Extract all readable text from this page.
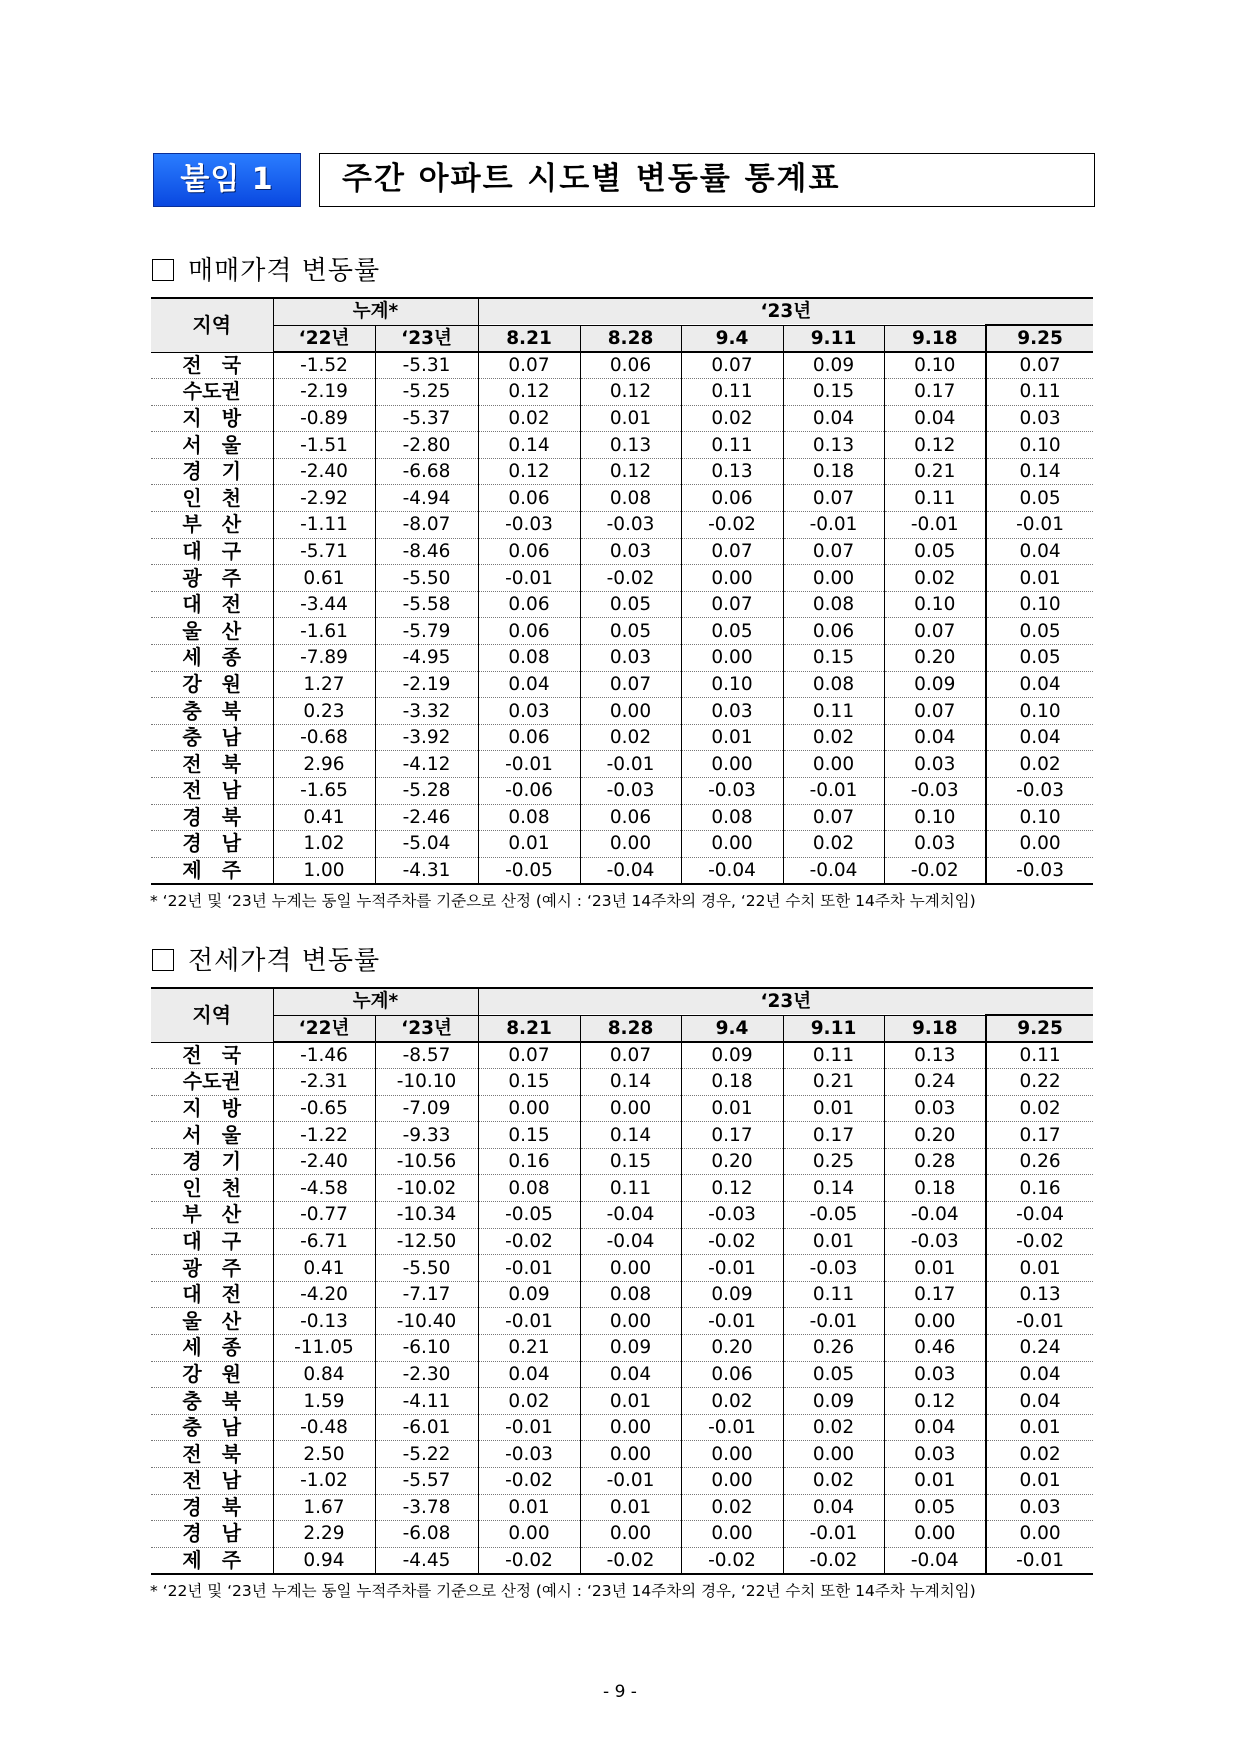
붙임 1	주간 아파트 시도별 변동률 통계표
매매가격 변동률
지역	누계*		‘23년					
	‘22년	‘23년	8.21	8.28	9.4	9.11	9.18	9.25
전　국	-1.52	-5.31	0.07	0.06	0.07	0.09	0.10	0.07
수도권	-2.19	-5.25	0.12	0.12	0.11	0.15	0.17	0.11
지　방	-0.89	-5.37	0.02	0.01	0.02	0.04	0.04	0.03
서　울	-1.51	-2.80	0.14	0.13	0.11	0.13	0.12	0.10
경　기	-2.40	-6.68	0.12	0.12	0.13	0.18	0.21	0.14
인　천	-2.92	-4.94	0.06	0.08	0.06	0.07	0.11	0.05
부　산	-1.11	-8.07	-0.03	-0.03	-0.02	-0.01	-0.01	-0.01
대　구	-5.71	-8.46	0.06	0.03	0.07	0.07	0.05	0.04
광　주	0.61	-5.50	-0.01	-0.02	0.00	0.00	0.02	0.01
대　전	-3.44	-5.58	0.06	0.05	0.07	0.08	0.10	0.10
울　산	-1.61	-5.79	0.06	0.05	0.05	0.06	0.07	0.05
세　종	-7.89	-4.95	0.08	0.03	0.00	0.15	0.20	0.05
강　원	1.27	-2.19	0.04	0.07	0.10	0.08	0.09	0.04
충　북	0.23	-3.32	0.03	0.00	0.03	0.11	0.07	0.10
충　남	-0.68	-3.92	0.06	0.02	0.01	0.02	0.04	0.04
전　북	2.96	-4.12	-0.01	-0.01	0.00	0.00	0.03	0.02
전　남	-1.65	-5.28	-0.06	-0.03	-0.03	-0.01	-0.03	-0.03
경　북	0.41	-2.46	0.08	0.06	0.08	0.07	0.10	0.10
경　남	1.02	-5.04	0.01	0.00	0.00	0.02	0.03	0.00
제　주	1.00	-4.31	-0.05	-0.04	-0.04	-0.04	-0.02	-0.03
* ‘22년 및 ‘23년 누계는 동일 누적주차를 기준으로 산정 (예시 : ‘23년 14주차의 경우, ‘22년 수치 또한 14주차 누계치임)
전세가격 변동률
지역	누계*		‘23년					
	‘22년	‘23년	8.21	8.28	9.4	9.11	9.18	9.25
전　국	-1.46	-8.57	0.07	0.07	0.09	0.11	0.13	0.11
수도권	-2.31	-10.10	0.15	0.14	0.18	0.21	0.24	0.22
지　방	-0.65	-7.09	0.00	0.00	0.01	0.01	0.03	0.02
서　울	-1.22	-9.33	0.15	0.14	0.17	0.17	0.20	0.17
경　기	-2.40	-10.56	0.16	0.15	0.20	0.25	0.28	0.26
인　천	-4.58	-10.02	0.08	0.11	0.12	0.14	0.18	0.16
부　산	-0.77	-10.34	-0.05	-0.04	-0.03	-0.05	-0.04	-0.04
대　구	-6.71	-12.50	-0.02	-0.04	-0.02	0.01	-0.03	-0.02
광　주	0.41	-5.50	-0.01	0.00	-0.01	-0.03	0.01	0.01
대　전	-4.20	-7.17	0.09	0.08	0.09	0.11	0.17	0.13
울　산	-0.13	-10.40	-0.01	0.00	-0.01	-0.01	0.00	-0.01
세　종	-11.05	-6.10	0.21	0.09	0.20	0.26	0.46	0.24
강　원	0.84	-2.30	0.04	0.04	0.06	0.05	0.03	0.04
충　북	1.59	-4.11	0.02	0.01	0.02	0.09	0.12	0.04
충　남	-0.48	-6.01	-0.01	0.00	-0.01	0.02	0.04	0.01
전　북	2.50	-5.22	-0.03	0.00	0.00	0.00	0.03	0.02
전　남	-1.02	-5.57	-0.02	-0.01	0.00	0.02	0.01	0.01
경　북	1.67	-3.78	0.01	0.01	0.02	0.04	0.05	0.03
경　남	2.29	-6.08	0.00	0.00	0.00	-0.01	0.00	0.00
제　주	0.94	-4.45	-0.02	-0.02	-0.02	-0.02	-0.04	-0.01
* ‘22년 및 ‘23년 누계는 동일 누적주차를 기준으로 산정 (예시 : ‘23년 14주차의 경우, ‘22년 수치 또한 14주차 누계치임)
- 9 -
